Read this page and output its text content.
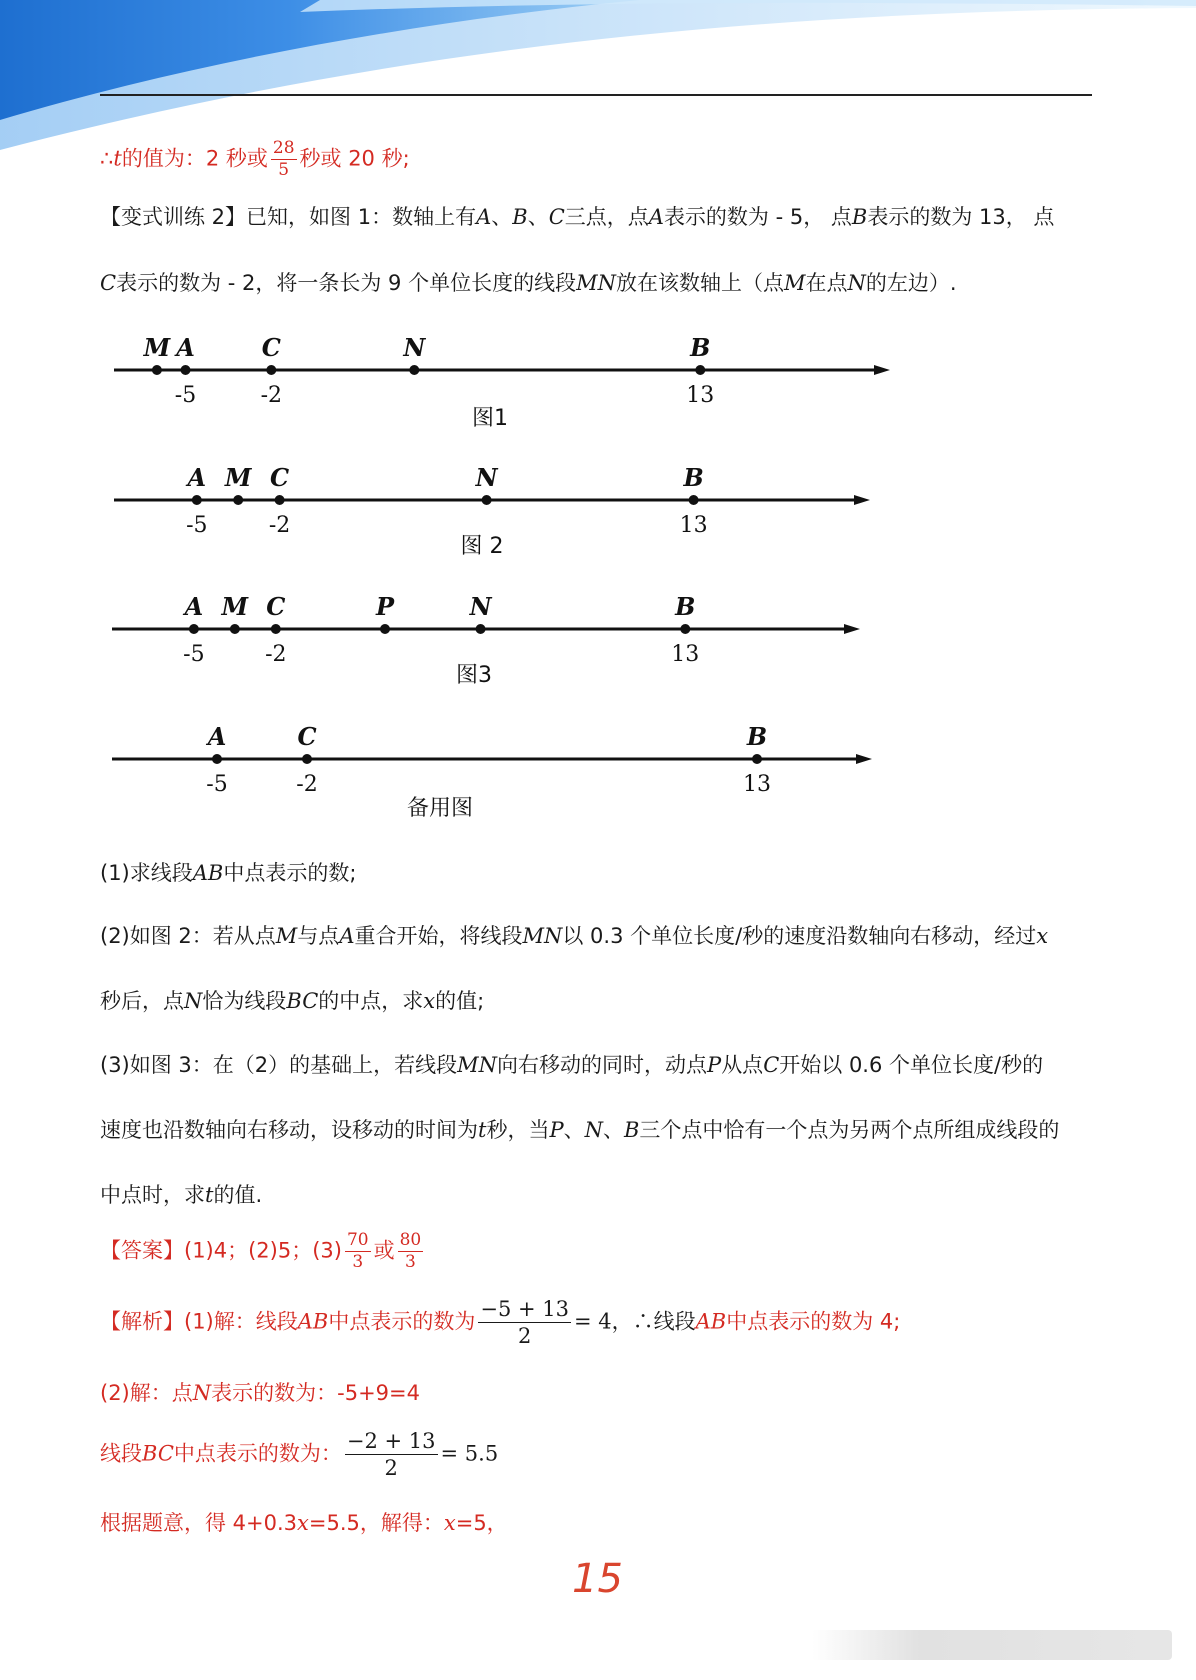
∴t的值为：2 秒或 $\frac{28}{5}$ 秒或 20 秒;
【变式训练 2】已知，如图 1：数轴上有A、B、C三点，点A表示的数为 - 5， 点B表示的数为 13， 点
C表示的数为 - 2，将一条长为 9 个单位长度的线段MN放在该数轴上（点M在点N的左边）.
M A
-5
C
-2
N	B
13
图1
A
-5
M C
-2
N	B
13
图 2
A
-5
M C
-2
P	N	B
13
图3
A
-5
C
-2
B
13
备用图
(1)求线段AB中点表示的数;
(2)如图 2：若从点M与点A重合开始，将线段MN以 0.3 个单位长度/秒的速度沿数轴向右移动，经过x
秒后，点N恰为线段BC的中点，求x的值;
(3)如图 3：在（2）的基础上，若线段MN向右移动的同时，动点P从点C开始以 0.6 个单位长度/秒的
速度也沿数轴向右移动，设移动的时间为t秒，当P、N、B三个点中恰有一个点为另两个点所组成线段的
中点时，求t的值.
【答案】(1)4；(2)5；$(3) \frac{70}{3}$ 或 $\frac{80}{3}$
【解析】(1)解：线段AB中点表示的数为 $\frac{-5 + 13}{2} = 4$，∴线段AB中点表示的数为 4;
(2)解：点N表示的数为：-5+9=4
线段BC中点表示的数为： $\frac{-2 + 13}{2} = 5.5$
根据题意，得 4+0.3x=5.5，解得：x=5，
15
